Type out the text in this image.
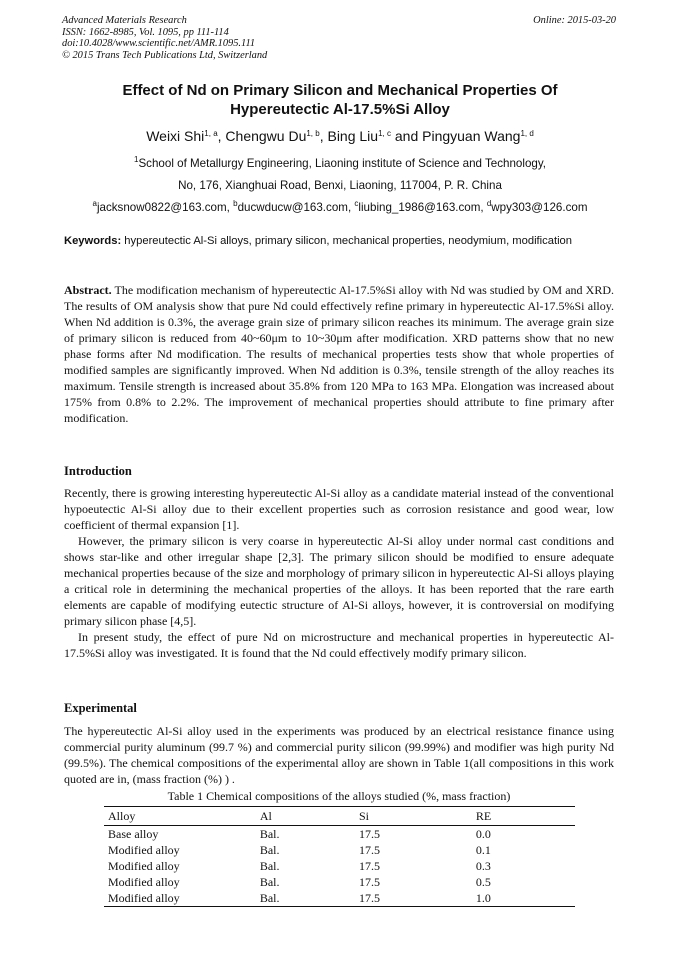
Advanced Materials Research
ISSN: 1662-8985, Vol. 1095, pp 111-114
doi:10.4028/www.scientific.net/AMR.1095.111
© 2015 Trans Tech Publications Ltd, Switzerland
Online: 2015-03-20
Effect of Nd on Primary Silicon and Mechanical Properties Of
Hypereutectic Al-17.5%Si Alloy
Weixi Shi$^{1, a}$, Chengwu Du$^{1, b}$, Bing Liu$^{1, c}$ and Pingyuan Wang$^{1, d}$
$^1$School of Metallurgy Engineering, Liaoning institute of Science and Technology,
No, 176, Xianghuai Road, Benxi, Liaoning, 117004, P. R. China
$^a$jacksnow0822@163.com, $^b$ducwducw@163.com, $^c$liubing_1986@163.com, $^d$wpy303@126.com
Keywords: hypereutectic Al-Si alloys, primary silicon, mechanical properties, neodymium, modification
Abstract. The modification mechanism of hypereutectic Al-17.5%Si alloy with Nd was studied by OM and XRD. The results of OM analysis show that pure Nd could effectively refine primary in hypereutectic Al-17.5%Si alloy. When Nd addition is 0.3%, the average grain size of primary silicon reaches its minimum. The average grain size of primary silicon is reduced from 40~60μm to 10~30μm after modification. XRD patterns show that no new phase forms after Nd modification. The results of mechanical properties tests show that whole properties of modified samples are significantly improved. When Nd addition is 0.3%, tensile strength of the alloy reaches its maximum. Tensile strength is increased about 35.8% from 120 MPa to 163 MPa. Elongation was increased about 175% from 0.8% to 2.2%. The improvement of mechanical properties should attribute to fine primary after modification.
Introduction

Recently, there is growing interesting hypereutectic Al-Si alloy as a candidate material instead of the conventional hypoeutectic Al-Si alloy due to their excellent properties such as corrosion resistance and good wear, low coefficient of thermal expansion [1].

However, the primary silicon is very coarse in hypereutectic Al-Si alloy under normal cast conditions and shows star-like and other irregular shape [2,3]. The primary silicon should be modified to ensure adequate mechanical properties because of the size and morphology of primary silicon in hypereutectic Al-Si alloys playing a critical role in determining the mechanical properties of the alloys. It has been reported that the rare earth elements are capable of modifying eutectic structure of Al-Si alloys, however, it is controversial on modifying primary silicon phase [4,5].

In present study, the effect of pure Nd on microstructure and mechanical properties in hypereutectic Al-17.5%Si alloy was investigated. It is found that the Nd could effectively modify primary silicon.

Experimental

The hypereutectic Al-Si alloy used in the experiments was produced by an electrical resistance finance using commercial purity aluminum (99.7 %) and commercial purity silicon (99.99%) and modifier was high purity Nd (99.5%). The chemical compositions of the experimental alloy are shown in Table 1(all compositions in this work quoted are in, (mass fraction (%) ) .

Table 1 Chemical compositions of the alloys studied (%, mass fraction)
Alloy	Al	Si	RE
Base alloy	Bal.	17.5	0.0
Modified alloy	Bal.	17.5	0.1
Modified alloy	Bal.	17.5	0.3
Modified alloy	Bal.	17.5	0.5
Modified alloy	Bal.	17.5	1.0
